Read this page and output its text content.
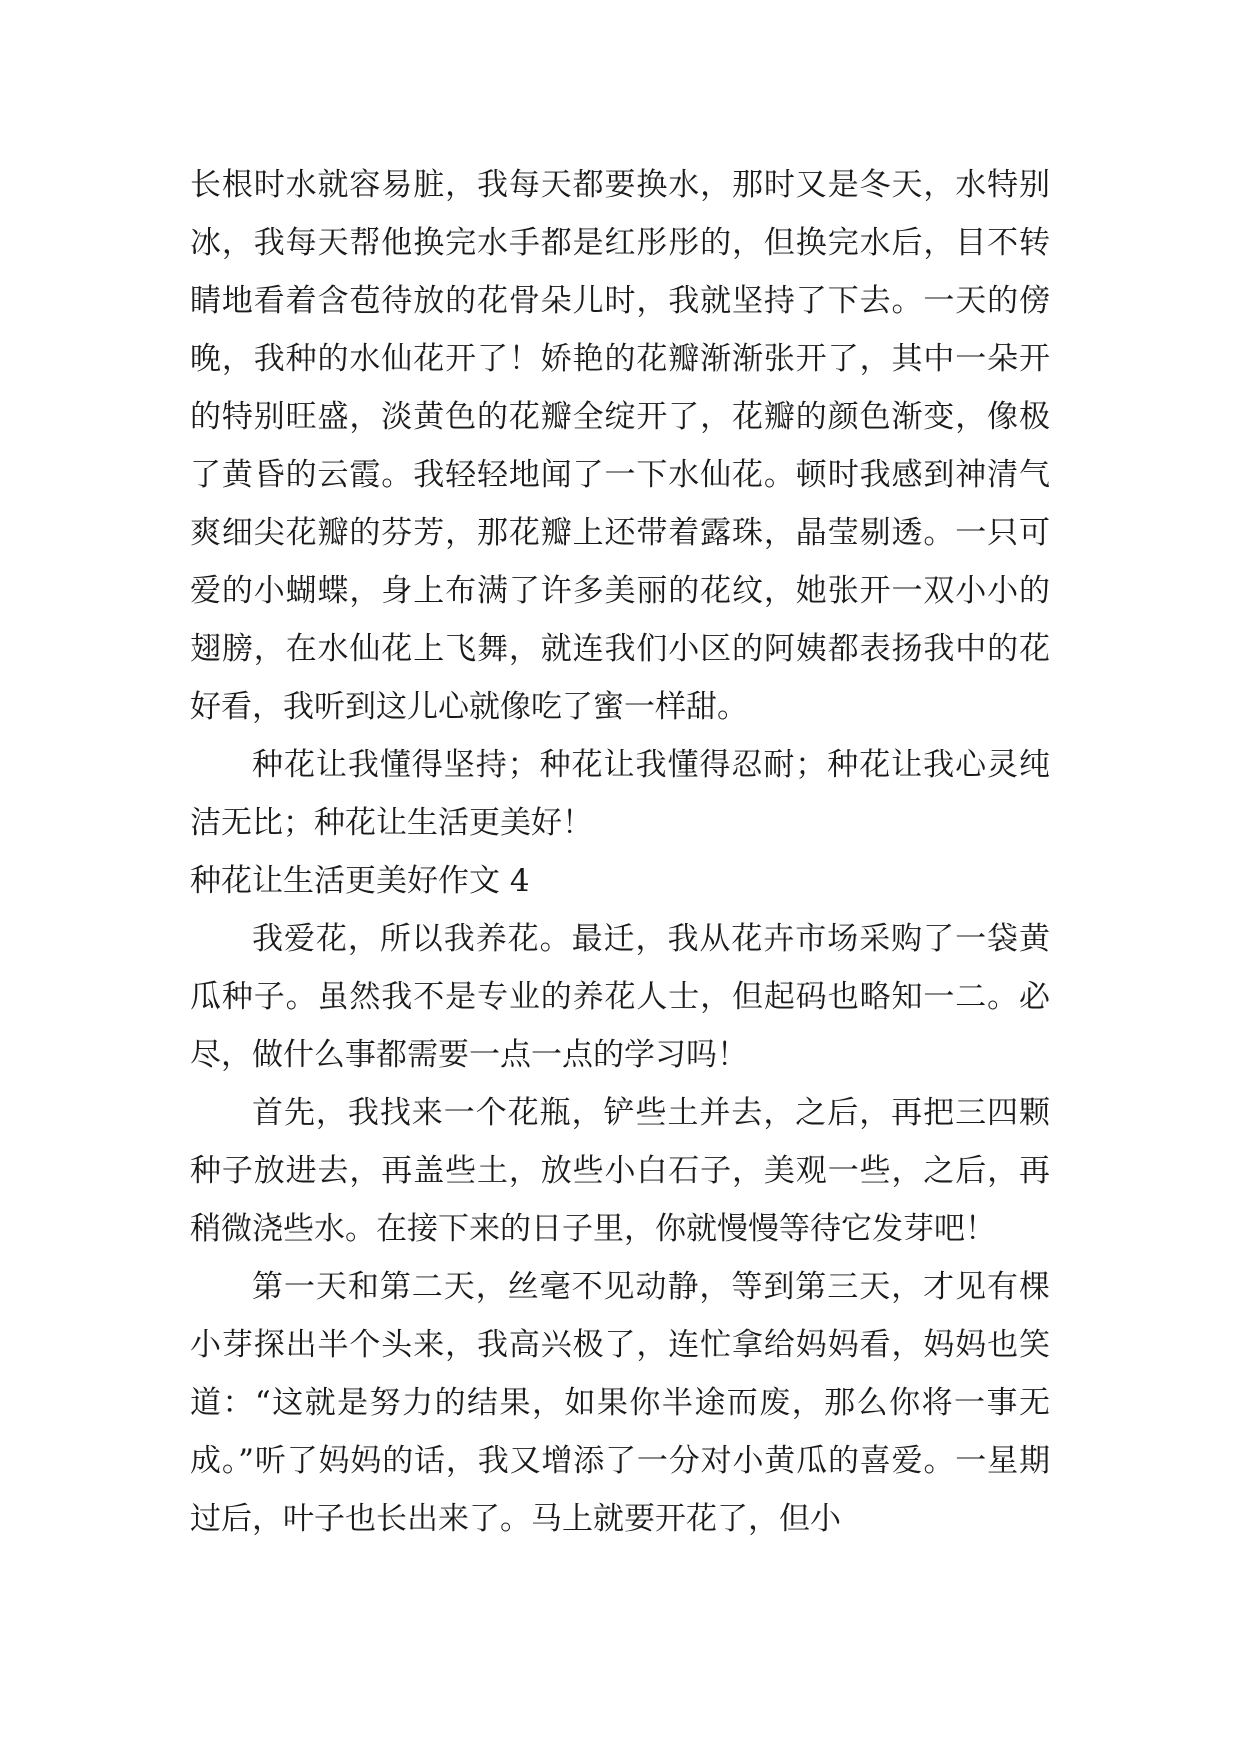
长根时水就容易脏，我每天都要换水，那时又是冬天，水特别冰，我每天帮他换完水手都是红彤彤的，但换完水后，目不转睛地看着含苞待放的花骨朵儿时，我就坚持了下去。一天的傍晚，我种的水仙花开了！娇艳的花瓣渐渐张开了，其中一朵开的特别旺盛，淡黄色的花瓣全绽开了，花瓣的颜色渐变，像极了黄昏的云霞。我轻轻地闻了一下水仙花。顿时我感到神清气爽细尖花瓣的芬芳，那花瓣上还带着露珠，晶莹剔透。一只可爱的小蝴蝶，身上布满了许多美丽的花纹，她张开一双小小的翅膀，在水仙花上飞舞，就连我们小区的阿姨都表扬我中的花好看，我听到这儿心就像吃了蜜一样甜。

种花让我懂得坚持；种花让我懂得忍耐；种花让我心灵纯洁无比；种花让生活更美好！

种花让生活更美好作文 4

我爱花，所以我养花。最迁，我从花卉市场采购了一袋黄瓜种子。虽然我不是专业的养花人士，但起码也略知一二。必尽，做什么事都需要一点一点的学习吗！

首先，我找来一个花瓶，铲些土并去，之后，再把三四颗种子放进去，再盖些土，放些小白石子，美观一些，之后，再稍微浇些水。在接下来的日子里，你就慢慢等待它发芽吧！

第一天和第二天，丝毫不见动静，等到第三天，才见有棵小芽探出半个头来，我高兴极了，连忙拿给妈妈看，妈妈也笑道：“这就是努力的结果，如果你半途而废，那么你将一事无成。”听了妈妈的话，我又增添了一分对小黄瓜的喜爱。一星期过后，叶子也长出来了。马上就要开花了，但小
